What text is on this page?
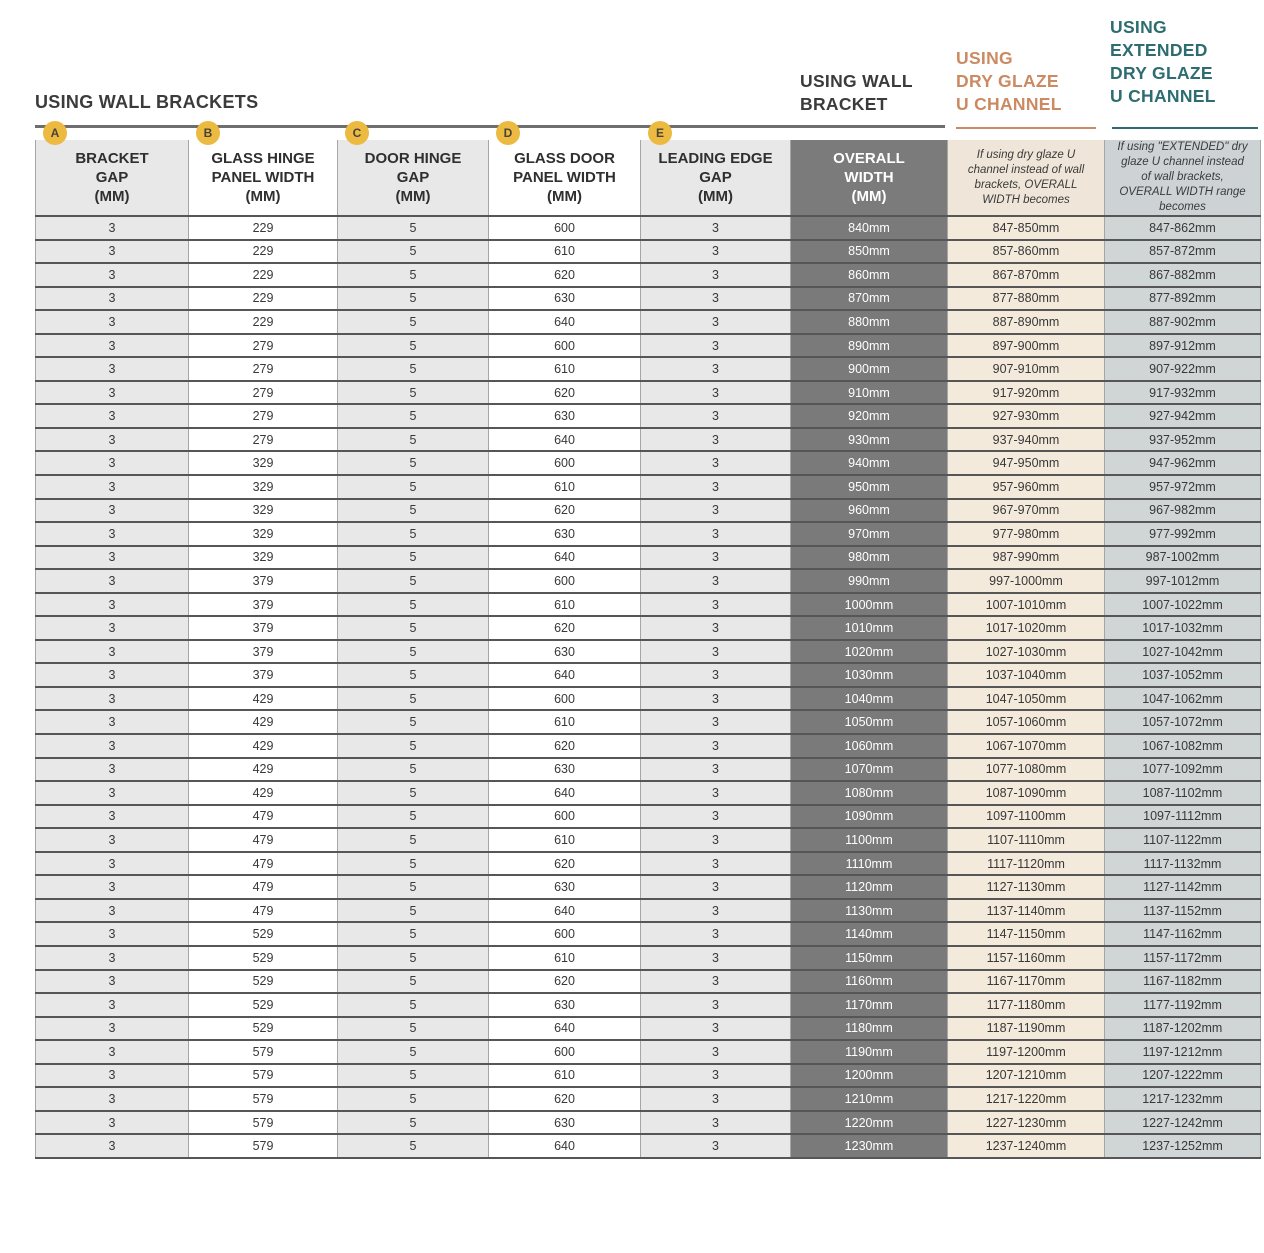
USING WALL BRACKETS
USING WALL
BRACKET
USING
DRY GLAZE
U CHANNEL
USING
EXTENDED
DRY GLAZE
U CHANNEL
BRACKET
GAP
(MM)

GLASS HINGE
PANEL WIDTH
(MM)

DOOR HINGE
GAP
(MM)

GLASS DOOR
PANEL WIDTH
(MM)

LEADING EDGE
GAP
(MM)

OVERALL
WIDTH
(MM)
	If using dry glaze U channel instead of wall brackets, OVERALL WIDTH becomes	If using "EXTENDED" dry glaze U channel instead of wall brackets, OVERALL WIDTH range becomes
3	229	5	600	3	840mm	847-850mm	847-862mm
3	229	5	610	3	850mm	857-860mm	857-872mm
3	229	5	620	3	860mm	867-870mm	867-882mm
3	229	5	630	3	870mm	877-880mm	877-892mm
3	229	5	640	3	880mm	887-890mm	887-902mm
3	279	5	600	3	890mm	897-900mm	897-912mm
3	279	5	610	3	900mm	907-910mm	907-922mm
3	279	5	620	3	910mm	917-920mm	917-932mm
3	279	5	630	3	920mm	927-930mm	927-942mm
3	279	5	640	3	930mm	937-940mm	937-952mm
3	329	5	600	3	940mm	947-950mm	947-962mm
3	329	5	610	3	950mm	957-960mm	957-972mm
3	329	5	620	3	960mm	967-970mm	967-982mm
3	329	5	630	3	970mm	977-980mm	977-992mm
3	329	5	640	3	980mm	987-990mm	987-1002mm
3	379	5	600	3	990mm	997-1000mm	997-1012mm
3	379	5	610	3	1000mm	1007-1010mm	1007-1022mm
3	379	5	620	3	1010mm	1017-1020mm	1017-1032mm
3	379	5	630	3	1020mm	1027-1030mm	1027-1042mm
3	379	5	640	3	1030mm	1037-1040mm	1037-1052mm
3	429	5	600	3	1040mm	1047-1050mm	1047-1062mm
3	429	5	610	3	1050mm	1057-1060mm	1057-1072mm
3	429	5	620	3	1060mm	1067-1070mm	1067-1082mm
3	429	5	630	3	1070mm	1077-1080mm	1077-1092mm
3	429	5	640	3	1080mm	1087-1090mm	1087-1102mm
3	479	5	600	3	1090mm	1097-1100mm	1097-1112mm
3	479	5	610	3	1100mm	1107-1110mm	1107-1122mm
3	479	5	620	3	1110mm	1117-1120mm	1117-1132mm
3	479	5	630	3	1120mm	1127-1130mm	1127-1142mm
3	479	5	640	3	1130mm	1137-1140mm	1137-1152mm
3	529	5	600	3	1140mm	1147-1150mm	1147-1162mm
3	529	5	610	3	1150mm	1157-1160mm	1157-1172mm
3	529	5	620	3	1160mm	1167-1170mm	1167-1182mm
3	529	5	630	3	1170mm	1177-1180mm	1177-1192mm
3	529	5	640	3	1180mm	1187-1190mm	1187-1202mm
3	579	5	600	3	1190mm	1197-1200mm	1197-1212mm
3	579	5	610	3	1200mm	1207-1210mm	1207-1222mm
3	579	5	620	3	1210mm	1217-1220mm	1217-1232mm
3	579	5	630	3	1220mm	1227-1230mm	1227-1242mm
3	579	5	640	3	1230mm	1237-1240mm	1237-1252mm
A	B	C	D	E
